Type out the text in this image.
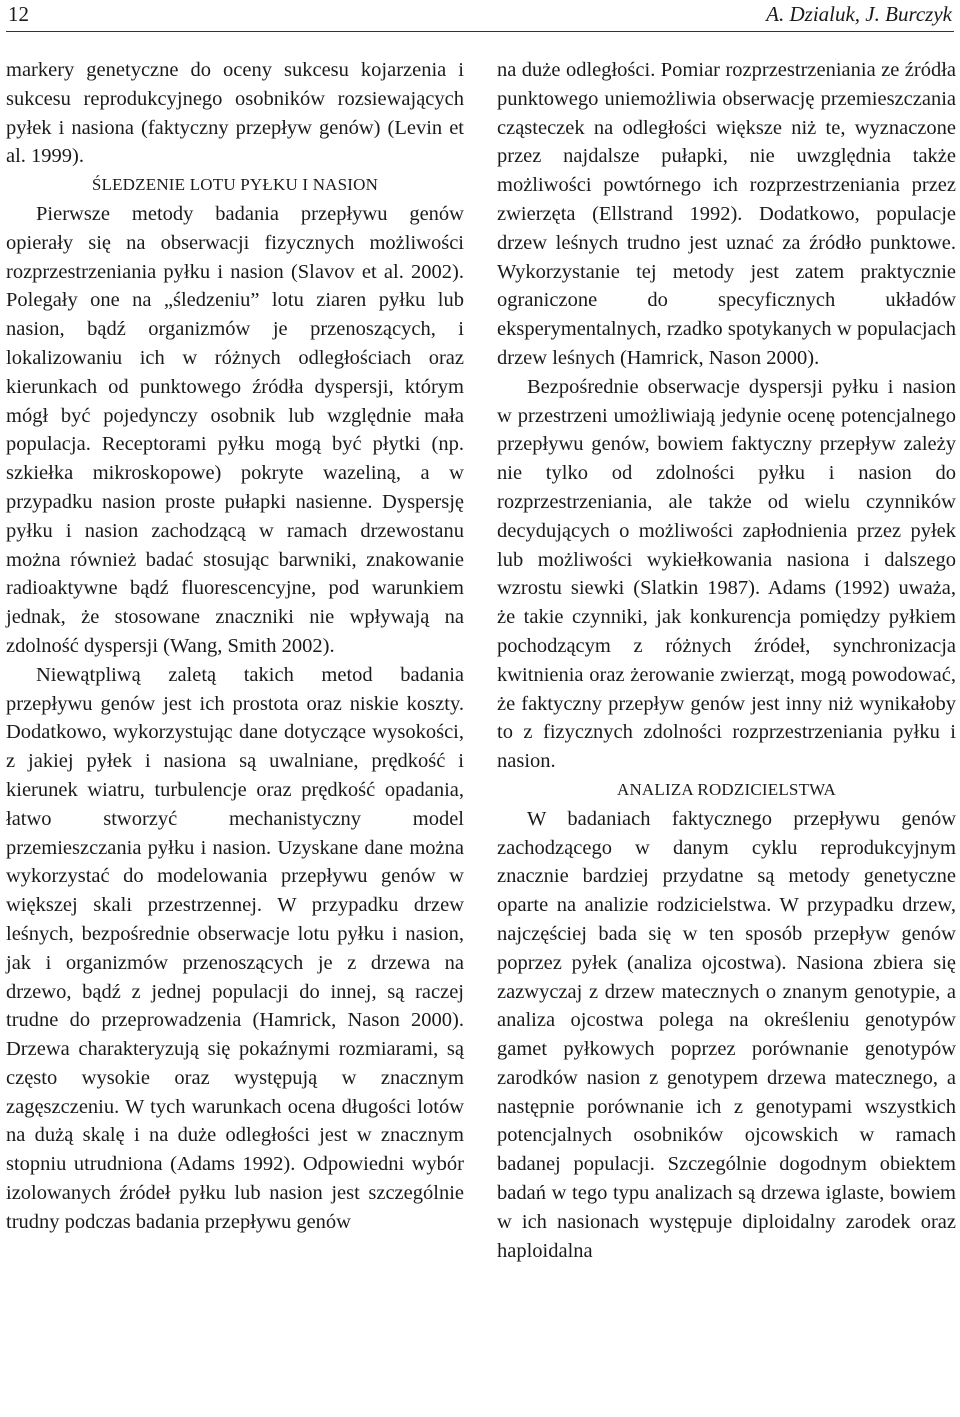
12	A. Dzialuk, J. Burczyk

markery genetyczne do oceny sukcesu kojarzenia i sukcesu reprodukcyjnego osobników rozsiewających pyłek i nasiona (faktyczny przepływ genów) (Levin et al. 1999).

ŚLEDZENIE LOTU PYŁKU I NASION

Pierwsze metody badania przepływu genów opierały się na obserwacji fizycznych możliwości rozprzestrzeniania pyłku i nasion (Slavov et al. 2002). Polegały one na „śledzeniu” lotu ziaren pyłku lub nasion, bądź organizmów je przenoszących, i lokalizowaniu ich w różnych odległościach oraz kierunkach od punktowego źródła dyspersji, którym mógł być pojedynczy osobnik lub względnie mała populacja. Receptorami pyłku mogą być płytki (np. szkiełka mikroskopowe) pokryte wazeliną, a w przypadku nasion proste pułapki nasienne. Dyspersję pyłku i nasion zachodzącą w ramach drzewostanu można również badać stosując barwniki, znakowanie radioaktywne bądź fluorescencyjne, pod warunkiem jednak, że stosowane znaczniki nie wpływają na zdolność dyspersji (Wang, Smith 2002).

Niewątpliwą zaletą takich metod badania przepływu genów jest ich prostota oraz niskie koszty. Dodatkowo, wykorzystując dane dotyczące wysokości, z jakiej pyłek i nasiona są uwalniane, prędkość i kierunek wiatru, turbulencje oraz prędkość opadania, łatwo stworzyć mechanistyczny model przemieszczania pyłku i nasion. Uzyskane dane można wykorzystać do modelowania przepływu genów w większej skali przestrzennej. W przypadku drzew leśnych, bezpośrednie obserwacje lotu pyłku i nasion, jak i organizmów przenoszących je z drzewa na drzewo, bądź z jednej populacji do innej, są raczej trudne do przeprowadzenia (Hamrick, Nason 2000). Drzewa charakteryzują się pokaźnymi rozmiarami, są często wysokie oraz występują w znacznym zagęszczeniu. W tych warunkach ocena długości lotów na dużą skalę i na duże odległości jest w znacznym stopniu utrudniona (Adams 1992). Odpowiedni wybór izolowanych źródeł pyłku lub nasion jest szczególnie trudny podczas badania przepływu genów

na duże odległości. Pomiar rozprzestrzeniania ze źródła punktowego uniemożliwia obserwację przemieszczania cząsteczek na odległości większe niż te, wyznaczone przez najdalsze pułapki, nie uwzględnia także możliwości powtórnego ich rozprzestrzeniania przez zwierzęta (Ellstrand 1992). Dodatkowo, populacje drzew leśnych trudno jest uznać za źródło punktowe. Wykorzystanie tej metody jest zatem praktycznie ograniczone do specyficznych układów eksperymentalnych, rzadko spotykanych w populacjach drzew leśnych (Hamrick, Nason 2000).

Bezpośrednie obserwacje dyspersji pyłku i nasion w przestrzeni umożliwiają jedynie ocenę potencjalnego przepływu genów, bowiem faktyczny przepływ zależy nie tylko od zdolności pyłku i nasion do rozprzestrzeniania, ale także od wielu czynników decydujących o możliwości zapłodnienia przez pyłek lub możliwości wykiełkowania nasiona i dalszego wzrostu siewki (Slatkin 1987). Adams (1992) uważa, że takie czynniki, jak konkurencja pomiędzy pyłkiem pochodzącym z różnych źródeł, synchronizacja kwitnienia oraz żerowanie zwierząt, mogą powodować, że faktyczny przepływ genów jest inny niż wynikałoby to z fizycznych zdolności rozprzestrzeniania pyłku i nasion.

ANALIZA RODZICIELSTWA

W badaniach faktycznego przepływu genów zachodzącego w danym cyklu reprodukcyjnym znacznie bardziej przydatne są metody genetyczne oparte na analizie rodzicielstwa. W przypadku drzew, najczęściej bada się w ten sposób przepływ genów poprzez pyłek (analiza ojcostwa). Nasiona zbiera się zazwyczaj z drzew matecznych o znanym genotypie, a analiza ojcostwa polega na określeniu genotypów gamet pyłkowych poprzez porównanie genotypów zarodków nasion z genotypem drzewa matecznego, a następnie porównanie ich z genotypami wszystkich potencjalnych osobników ojcowskich w ramach badanej populacji. Szczególnie dogodnym obiektem badań w tego typu analizach są drzewa iglaste, bowiem w ich nasionach występuje diploidalny zarodek oraz haploidalna
